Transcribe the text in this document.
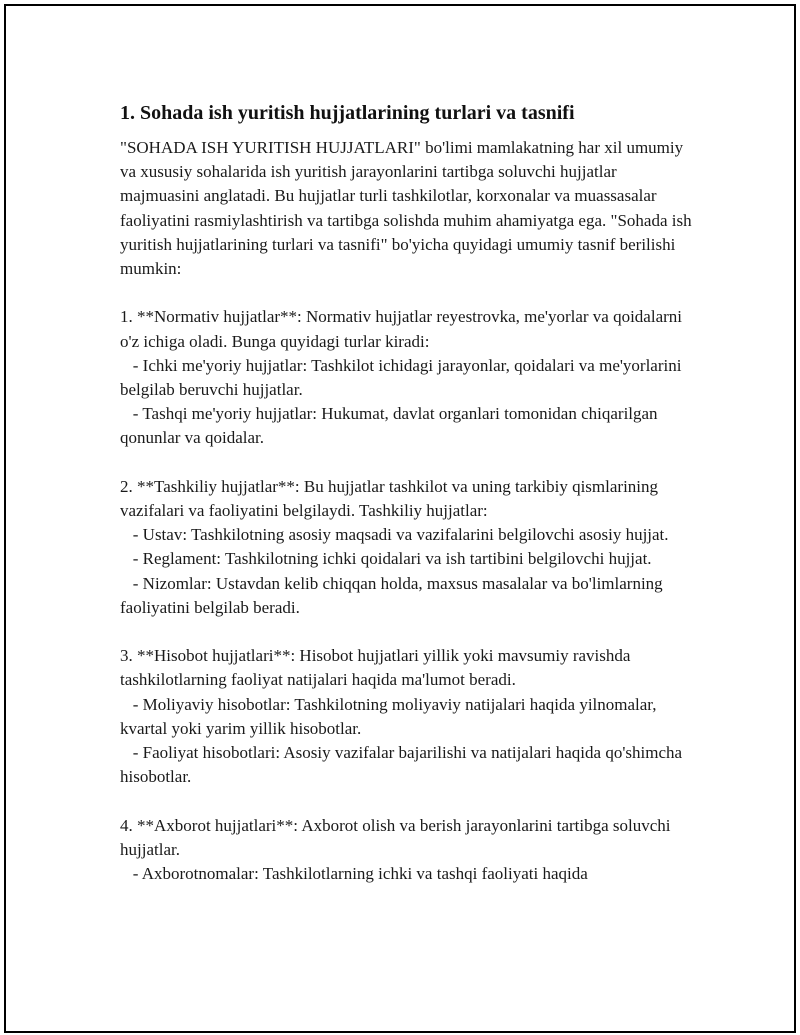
1. Sohada ish yuritish hujjatlarining turlari va tasnifi

"SOHADA ISH YURITISH HUJJATLARI" bo'limi mamlakatning har xil umumiy va xususiy sohalarida ish yuritish jarayonlarini tartibga soluvchi hujjatlar majmuasini anglatadi. Bu hujjatlar turli tashkilotlar, korxonalar va muassasalar faoliyatini rasmiylashtirish va tartibga solishda muhim ahamiyatga ega. "Sohada ish yuritish hujjatlarining turlari va tasnifi" bo'yicha quyidagi umumiy tasnif berilishi mumkin:

1. **Normativ hujjatlar**: Normativ hujjatlar reyestrovka, me'yorlar va qoidalarni o'z ichiga oladi. Bunga quyidagi turlar kiradi:

- Ichki me'yoriy hujjatlar: Tashkilot ichidagi jarayonlar, qoidalari va me'yorlarini belgilab beruvchi hujjatlar.

- Tashqi me'yoriy hujjatlar: Hukumat, davlat organlari tomonidan chiqarilgan qonunlar va qoidalar.

2. **Tashkiliy hujjatlar**: Bu hujjatlar tashkilot va uning tarkibiy qismlarining vazifalari va faoliyatini belgilaydi. Tashkiliy hujjatlar:

- Ustav: Tashkilotning asosiy maqsadi va vazifalarini belgilovchi asosiy hujjat.

- Reglament: Tashkilotning ichki qoidalari va ish tartibini belgilovchi hujjat.

- Nizomlar: Ustavdan kelib chiqqan holda, maxsus masalalar va bo'limlarning faoliyatini belgilab beradi.

3. **Hisobot hujjatlari**: Hisobot hujjatlari yillik yoki mavsumiy ravishda tashkilotlarning faoliyat natijalari haqida ma'lumot beradi.

- Moliyaviy hisobotlar: Tashkilotning moliyaviy natijalari haqida yilnomalar, kvartal yoki yarim yillik hisobotlar.

- Faoliyat hisobotlari: Asosiy vazifalar bajarilishi va natijalari haqida qo'shimcha hisobotlar.

4. **Axborot hujjatlari**: Axborot olish va berish jarayonlarini tartibga soluvchi hujjatlar.

- Axborotnomalar: Tashkilotlarning ichki va tashqi faoliyati haqida
